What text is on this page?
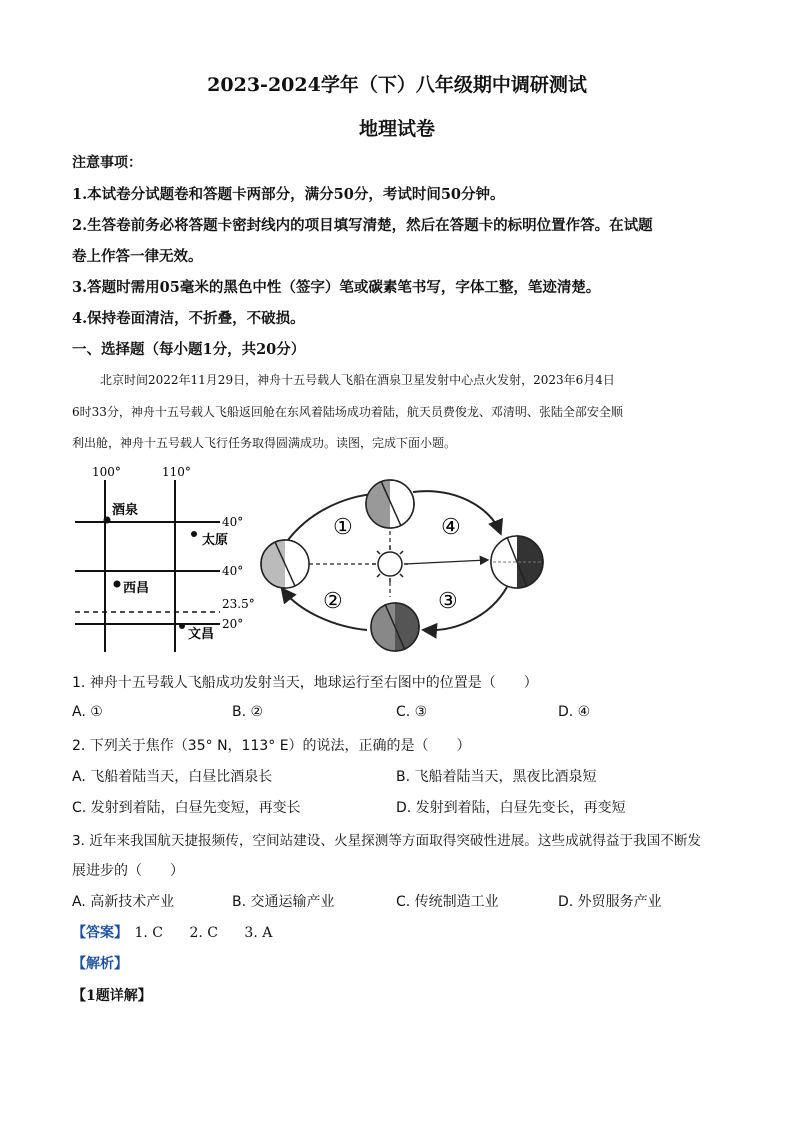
2023-2024学年（下）八年级期中调研测试
地理试卷
注意事项：
1.本试卷分试题卷和答题卡两部分，满分50分，考试时间50分钟。
2.生答卷前务必将答题卡密封线内的项目填写清楚，然后在答题卡的标明位置作答。在试题
卷上作答一律无效。
3.答题时需用05毫米的黑色中性（签字）笔或碳素笔书写，字体工整，笔迹清楚。
4.保持卷面清洁，不折叠，不破损。
一、选择题（每小题1分，共20分）
北京时间2022年11月29日，神舟十五号载人飞船在酒泉卫星发射中心点火发射，2023年6月4日
6时33分，神舟十五号载人飞船返回舱在东风着陆场成功着陆，航天员费俊龙、邓清明、张陆全部安全顺
利出舱，神舟十五号载人飞行任务取得圆满成功。读图，完成下面小题。
100°	110°
40°
40°
23.5°
20°
酒泉
太原
西昌
文昌
①
②	③
④
1. 神舟十五号载人飞船成功发射当天，地球运行至右图中的位置是（　　）
A. ①	B. ②	C. ③	D. ④
2. 下列关于焦作（35° N，113° E）的说法，正确的是（　　）
A. 飞船着陆当天，白昼比酒泉长	B. 飞船着陆当天，黑夜比酒泉短
C. 发射到着陆，白昼先变短，再变长	D. 发射到着陆，白昼先变长，再变短
3. 近年来我国航天捷报频传，空间站建设、火星探测等方面取得突破性进展。这些成就得益于我国不断发
展进步的（　　）
A. 高新技术产业	B. 交通运输产业	C. 传统制造工业	D. 外贸服务产业
【答案】 1. C 2. C 3. A
【解析】
【1题详解】
